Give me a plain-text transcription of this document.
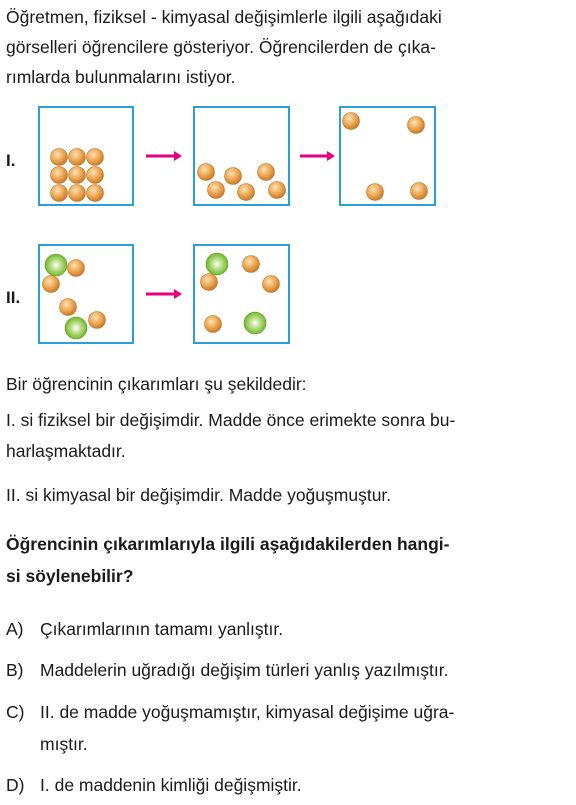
Öğretmen, fiziksel - kimyasal değişimlerle ilgili aşağıdaki
görselleri öğrencilere gösteriyor. Öğrencilerden de çıka-
rımlarda bulunmalarını istiyor.
I.
II.
Bir öğrencinin çıkarımları şu şekildedir:
I. si fiziksel bir değişimdir. Madde önce erimekte sonra bu-
harlaşmaktadır.
II. si kimyasal bir değişimdir. Madde yoğuşmuştur.
Öğrencinin çıkarımlarıyla ilgili aşağıdakilerden hangi-
si söylenebilir?
A) Çıkarımlarının tamamı yanlıştır.
B) Maddelerin uğradığı değişim türleri yanlış yazılmıştır.
C) II. de madde yoğuşmamıştır, kimyasal değişime uğra-
mıştır.
D) I. de maddenin kimliği değişmiştir.
